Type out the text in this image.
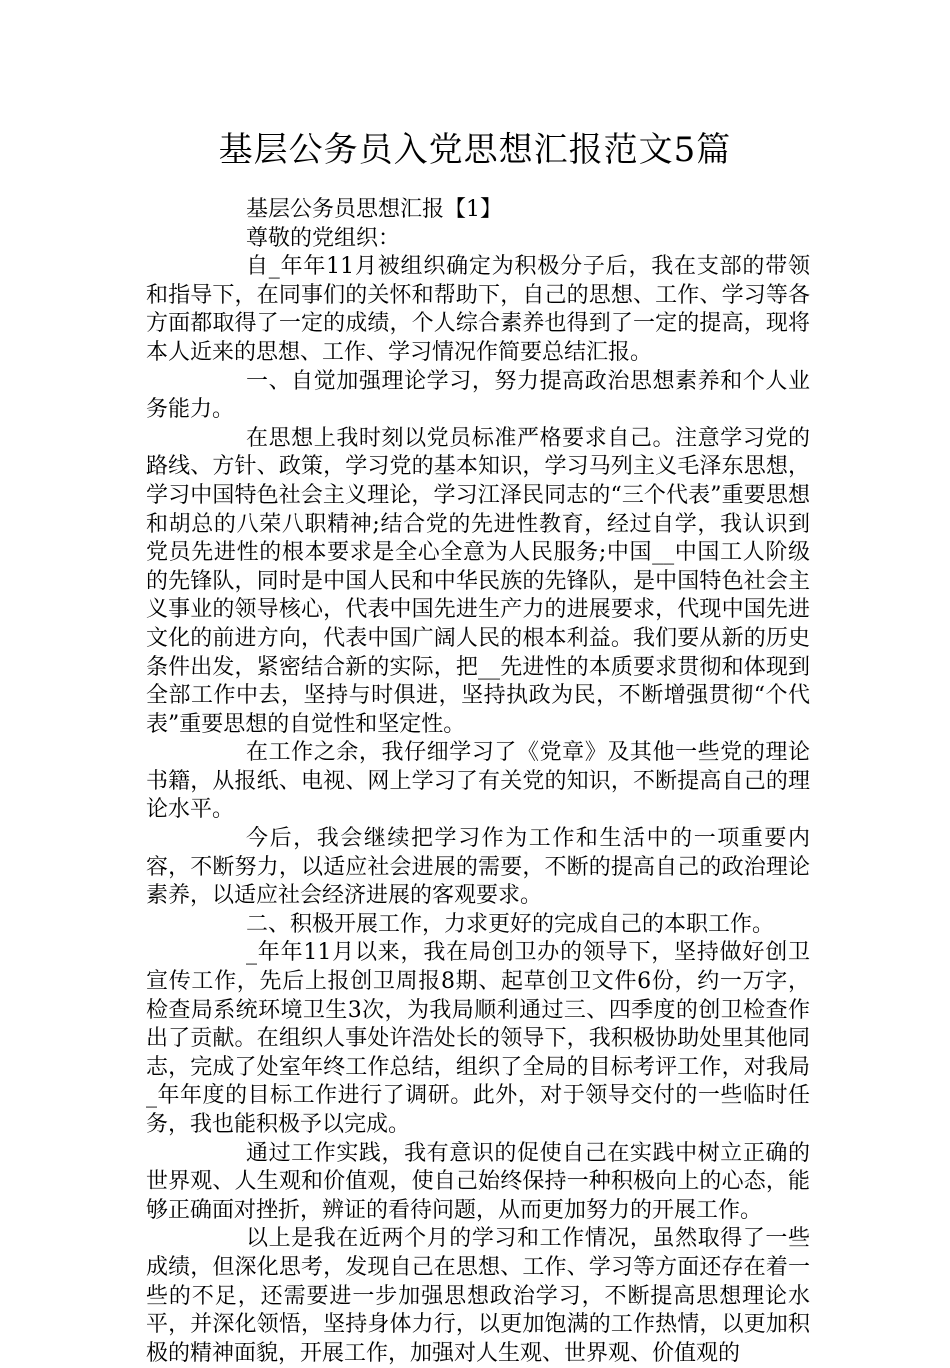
基层公务员入党思想汇报范文5篇

基层公务员思想汇报【1】

尊敬的党组织：

自_年年11月被组织确定为积极分子后，我在支部的带领和指导下，在同事们的关怀和帮助下，自己的思想、工作、学习等各方面都取得了一定的成绩，个人综合素养也得到了一定的提高，现将本人近来的思想、工作、学习情况作简要总结汇报。

一、自觉加强理论学习，努力提高政治思想素养和个人业务能力。

在思想上我时刻以党员标准严格要求自己。注意学习党的路线、方针、政策，学习党的基本知识，学习马列主义毛泽东思想，学习中国特色社会主义理论，学习江泽民同志的“三个代表”重要思想和胡总的八荣八职精神;结合党的先进性教育，经过自学，我认识到党员先进性的根本要求是全心全意为人民服务;中国__中国工人阶级的先锋队，同时是中国人民和中华民族的先锋队，是中国特色社会主义事业的领导核心，代表中国先进生产力的进展要求，代现中国先进文化的前进方向，代表中国广阔人民的根本利益。我们要从新的历史条件出发，紧密结合新的实际，把__先进性的本质要求贯彻和体现到全部工作中去，坚持与时俱进，坚持执政为民，不断增强贯彻“个代表”重要思想的自觉性和坚定性。

在工作之余，我仔细学习了《党章》及其他一些党的理论书籍，从报纸、电视、网上学习了有关党的知识，不断提高自己的理论水平。

今后，我会继续把学习作为工作和生活中的一项重要内容，不断努力，以适应社会进展的需要，不断的提高自己的政治理论素养，以适应社会经济进展的客观要求。

二、积极开展工作，力求更好的完成自己的本职工作。

_年年11月以来，我在局创卫办的领导下，坚持做好创卫宣传工作，先后上报创卫周报8期、起草创卫文件6份，约一万字，检查局系统环境卫生3次，为我局顺利通过三、四季度的创卫检查作出了贡献。在组织人事处许浩处长的领导下，我积极协助处里其他同志，完成了处室年终工作总结，组织了全局的目标考评工作，对我局_年年度的目标工作进行了调研。此外，对于领导交付的一些临时任务，我也能积极予以完成。

通过工作实践，我有意识的促使自己在实践中树立正确的世界观、人生观和价值观，使自己始终保持一种积极向上的心态，能够正确面对挫折，辨证的看待问题，从而更加努力的开展工作。

以上是我在近两个月的学习和工作情况，虽然取得了一些成绩，但深化思考，发现自己在思想、工作、学习等方面还存在着一些的不足，还需要进一步加强思想政治学习，不断提高思想理论水平，并深化领悟，坚持身体力行，以更加饱满的工作热情，以更加积极的精神面貌，开展工作，加强对人生观、世界观、价值观的
